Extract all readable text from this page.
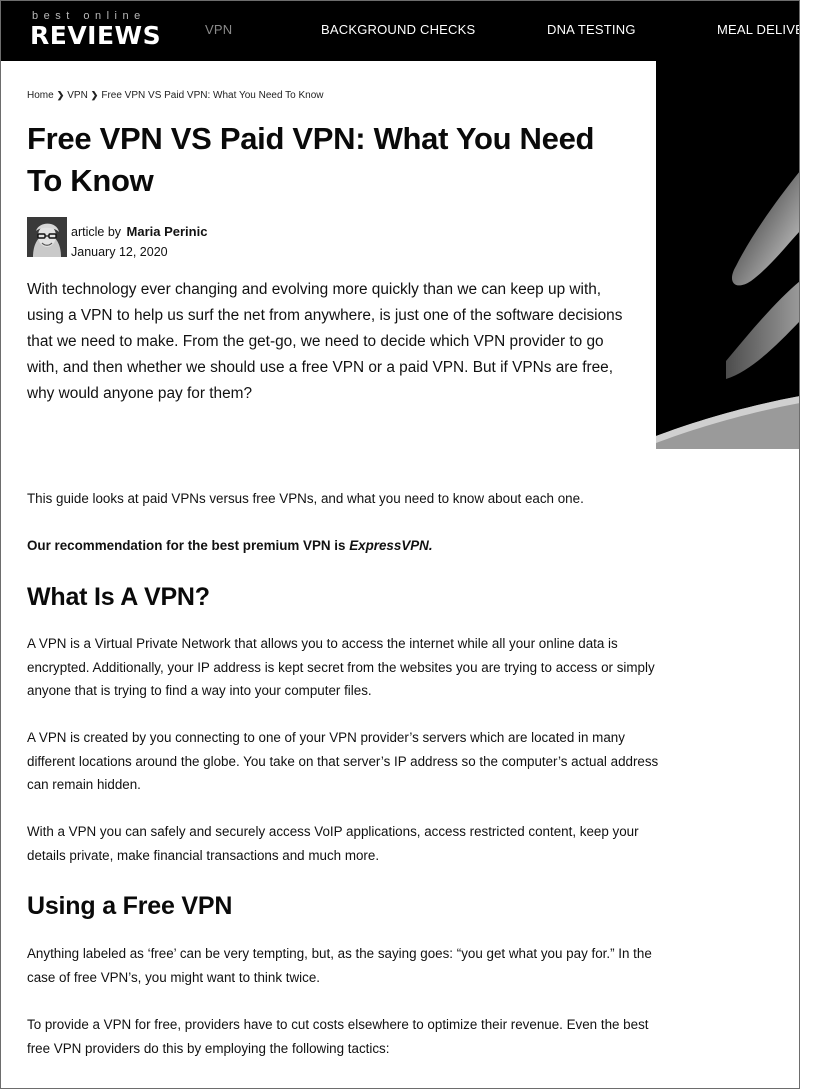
best online
REVIEWS	VPN	BACKGROUND CHECKS	DNA TESTING	MEAL DELIVERY
Home ❯ VPN ❯ Free VPN VS Paid VPN: What You Need To Know
Free VPN VS Paid VPN: What You Need To Know
article by Maria Perinic
January 12, 2020

With technology ever changing and evolving more quickly than we can keep up with, using a VPN to help us surf the net from anywhere, is just one of the software decisions that we need to make. From the get-go, we need to decide which VPN provider to go with, and then whether we should use a free VPN or a paid VPN. But if VPNs are free, why would anyone pay for them?

This guide looks at paid VPNs versus free VPNs, and what you need to know about each one.

Our recommendation for the best premium VPN is ExpressVPN.

What Is A VPN?

A VPN is a Virtual Private Network that allows you to access the internet while all your online data is encrypted. Additionally, your IP address is kept secret from the websites you are trying to access or simply anyone that is trying to find a way into your computer files.

A VPN is created by you connecting to one of your VPN provider’s servers which are located in many different locations around the globe. You take on that server’s IP address so the computer’s actual address can remain hidden.

With a VPN you can safely and securely access VoIP applications, access restricted content, keep your details private, make financial transactions and much more.

Using a Free VPN

Anything labeled as ‘free’ can be very tempting, but, as the saying goes: “you get what you pay for.” In the case of free VPN’s, you might want to think twice.

To provide a VPN for free, providers have to cut costs elsewhere to optimize their revenue. Even the best free VPN providers do this by employing the following tactics:
